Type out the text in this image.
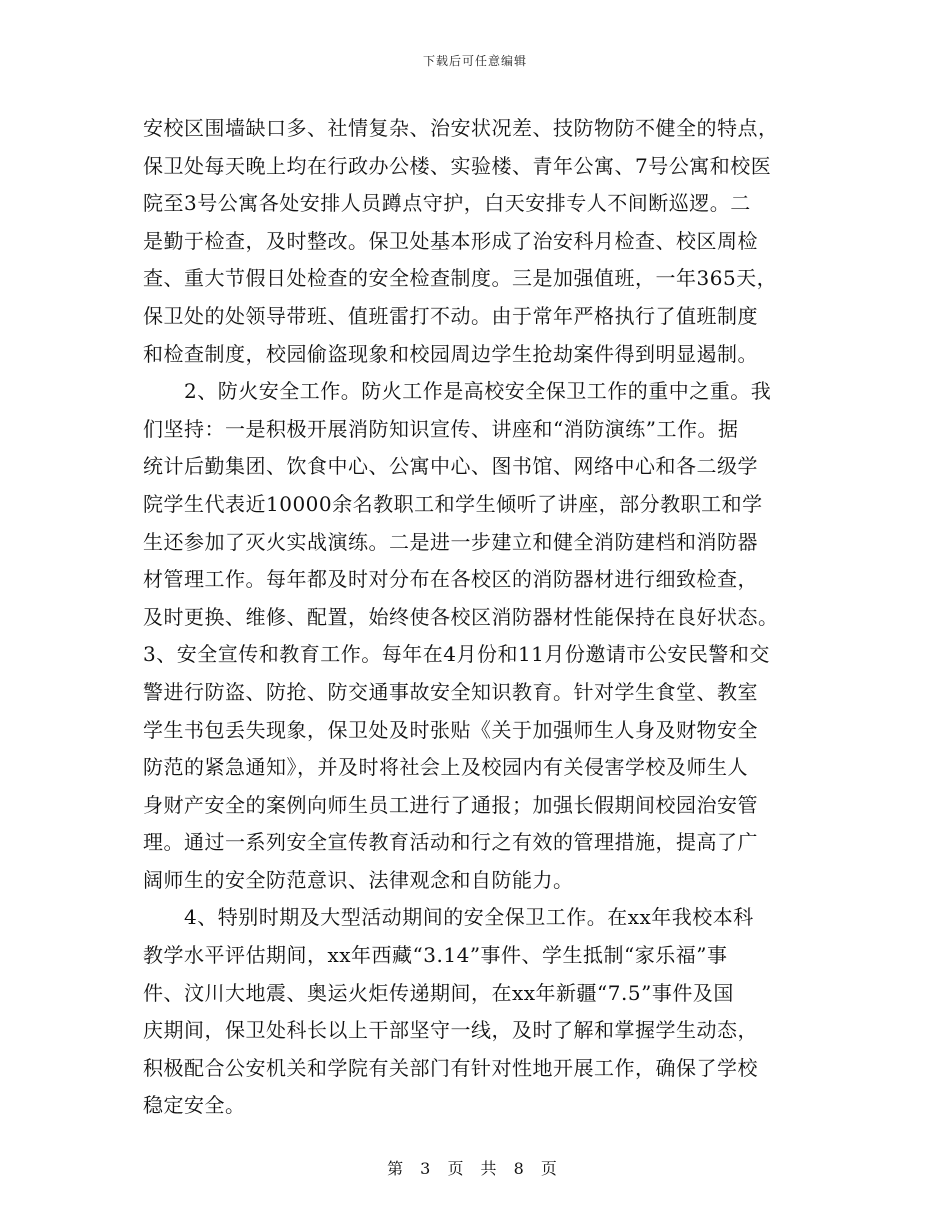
下载后可任意编辑
安校区围墙缺口多、社情复杂、治安状况差、技防物防不健全的特点，
保卫处每天晚上均在行政办公楼、实验楼、青年公寓、7号公寓和校医
院至3号公寓各处安排人员蹲点守护，白天安排专人不间断巡逻。二
是勤于检查，及时整改。保卫处基本形成了治安科月检查、校区周检
查、重大节假日处检查的安全检查制度。三是加强值班，一年365天，
保卫处的处领导带班、值班雷打不动。由于常年严格执行了值班制度
和检查制度，校园偷盗现象和校园周边学生抢劫案件得到明显遏制。
　　2、防火安全工作。防火工作是高校安全保卫工作的重中之重。我
们坚持：一是积极开展消防知识宣传、讲座和“消防演练”工作。据
统计后勤集团、饮食中心、公寓中心、图书馆、网络中心和各二级学
院学生代表近10000余名教职工和学生倾听了讲座，部分教职工和学
生还参加了灭火实战演练。二是进一步建立和健全消防建档和消防器
材管理工作。每年都及时对分布在各校区的消防器材进行细致检查，
及时更换、维修、配置，始终使各校区消防器材性能保持在良好状态。
3、安全宣传和教育工作。每年在4月份和11月份邀请市公安民警和交
警进行防盗、防抢、防交通事故安全知识教育。针对学生食堂、教室
学生书包丢失现象，保卫处及时张贴《关于加强师生人身及财物安全
防范的紧急通知》，并及时将社会上及校园内有关侵害学校及师生人
身财产安全的案例向师生员工进行了通报；加强长假期间校园治安管
理。通过一系列安全宣传教育活动和行之有效的管理措施，提高了广
阔师生的安全防范意识、法律观念和自防能力。
　　4、特别时期及大型活动期间的安全保卫工作。在xx年我校本科
教学水平评估期间，xx年西藏“3.14”事件、学生抵制“家乐福”事
件、汶川大地震、奥运火炬传递期间，在xx年新疆“7.5”事件及国
庆期间，保卫处科长以上干部坚守一线，及时了解和掌握学生动态，
积极配合公安机关和学院有关部门有针对性地开展工作，确保了学校
稳定安全。
第 3 页 共 8 页
